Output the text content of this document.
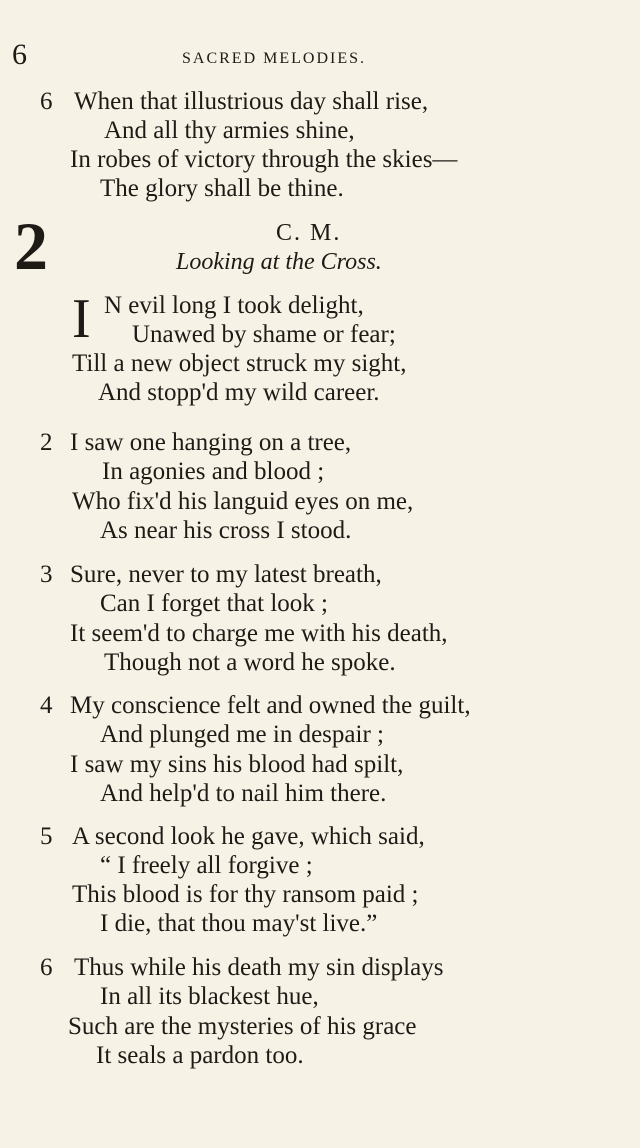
6	SACRED MELODIES.
6 When that illustrious day shall rise,
And all thy armies shine,
In robes of victory through the skies—
The glory shall be thine.
2	C. M.
Looking at the Cross.
I N evil long I took delight,
Unawed by shame or fear;
Till a new object struck my sight,
And stopp'd my wild career.
2 I saw one hanging on a tree,
In agonies and blood ;
Who fix'd his languid eyes on me,
As near his cross I stood.
3 Sure, never to my latest breath,
Can I forget that look ;
It seem'd to charge me with his death,
Though not a word he spoke.
4 My conscience felt and owned the guilt,
And plunged me in despair ;
I saw my sins his blood had spilt,
And help'd to nail him there.
5 A second look he gave, which said,
“ I freely all forgive ;
This blood is for thy ransom paid ;
I die, that thou may'st live.”
6 Thus while his death my sin displays
In all its blackest hue,
Such are the mysteries of his grace
It seals a pardon too.
